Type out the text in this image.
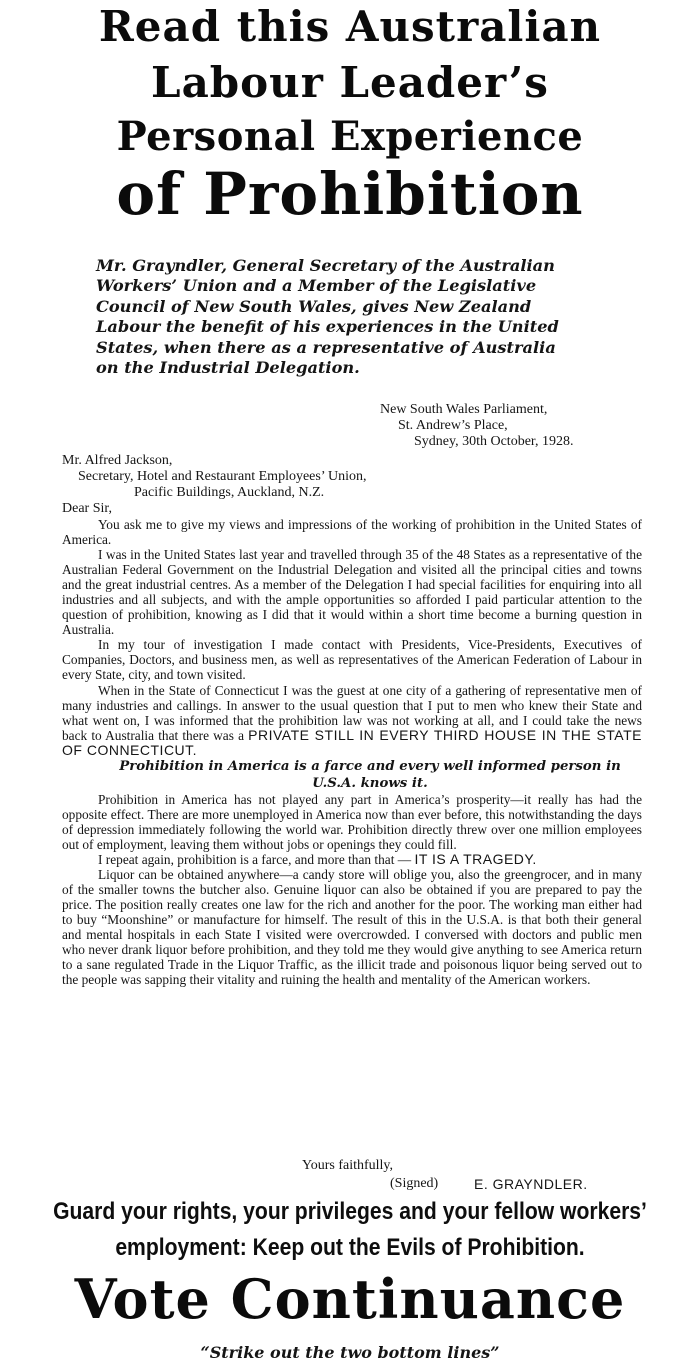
Read this Australian
Labour Leader’s
Personal Experience
of Prohibition
Mr. Grayndler, General Secretary of the Australian
Workers’ Union and a Member of the Legislative
Council of New South Wales, gives New Zealand
Labour the benefit of his experiences in the United
States, when there as a representative of Australia
on the Industrial Delegation.
New South Wales Parliament,
St. Andrew’s Place,
Sydney, 30th October, 1928.
Mr. Alfred Jackson,
Secretary, Hotel and Restaurant Employees’ Union,
Pacific Buildings, Auckland, N.Z.
Dear Sir,

You ask me to give my views and impressions of the working of prohibition in the United States of America.

I was in the United States last year and travelled through 35 of the 48 States as a representative of the Australian Federal Government on the Industrial Delegation and visited all the principal cities and towns and the great industrial centres. As a member of the Delegation I had special facilities for enquiring into all industries and all subjects, and with the ample opportunities so afforded I paid particular attention to the question of prohibition, knowing as I did that it would within a short time become a burning question in Australia.

In my tour of investigation I made contact with Presidents, Vice-Presidents, Executives of Companies, Doctors, and business men, as well as representatives of the American Federation of Labour in every State, city, and town visited.

When in the State of Connecticut I was the guest at one city of a gathering of representative men of many industries and callings. In answer to the usual question that I put to men who knew their State and what went on, I was informed that the prohibition law was not working at all, and I could take the news back to Australia that there was a PRIVATE STILL IN EVERY THIRD HOUSE IN THE STATE OF CONNECTICUT.

Prohibition in America is a farce and every well informed person in
U.S.A. knows it.

Prohibition in America has not played any part in America’s prosperity—it really has had the opposite effect. There are more unemployed in America now than ever before, this notwithstanding the days of depression immediately following the world war. Prohibition directly threw over one million employees out of employment, leaving them without jobs or openings they could fill.

I repeat again, prohibition is a farce, and more than that — IT IS A TRAGEDY.

Liquor can be obtained anywhere—a candy store will oblige you, also the greengrocer, and in many of the smaller towns the butcher also. Genuine liquor can also be obtained if you are prepared to pay the price. The position really creates one law for the rich and another for the poor. The working man either had to buy “Moonshine” or manufacture for himself. The result of this in the U.S.A. is that both their general and mental hospitals in each State I visited were overcrowded. I conversed with doctors and public men who never drank liquor before prohibition, and they told me they would give anything to see America return to a sane regulated Trade in the Liquor Traffic, as the illicit trade and poisonous liquor being served out to the people was sapping their vitality and ruining the health and mentality of the American workers.

Yours faithfully,
(Signed)	E. GRAYNDLER.
Guard your rights, your privileges and your fellow workers’
employment: Keep out the Evils of Prohibition.
Vote Continuance
“Strike out the two bottom lines”
